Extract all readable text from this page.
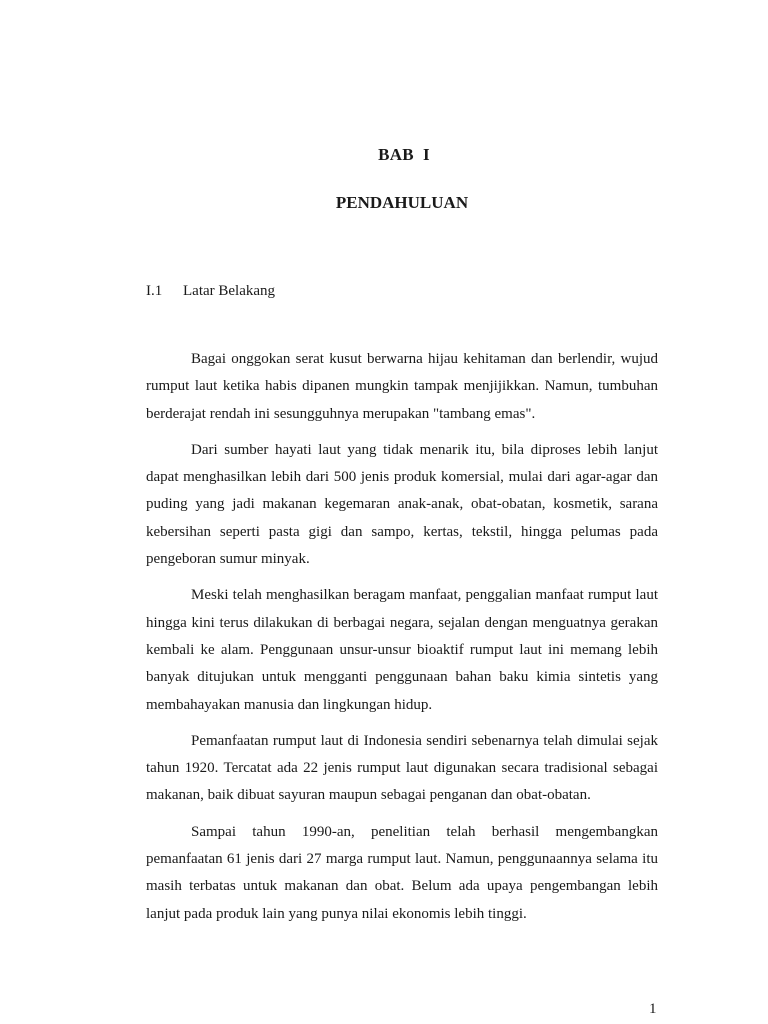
BAB  I
PENDAHULUAN
I.1 Latar Belakang

Bagai onggokan serat kusut berwarna hijau kehitaman dan berlendir, wujud rumput laut ketika habis dipanen mungkin tampak menjijikkan. Namun, tumbuhan berderajat rendah ini sesungguhnya merupakan "tambang emas".

Dari sumber hayati laut yang tidak menarik itu, bila diproses lebih lanjut dapat menghasilkan lebih dari 500 jenis produk komersial, mulai dari agar-agar dan puding yang jadi makanan kegemaran anak-anak, obat-obatan, kosmetik, sarana kebersihan seperti pasta gigi dan sampo, kertas, tekstil, hingga pelumas pada pengeboran sumur minyak.

Meski telah menghasilkan beragam manfaat, penggalian manfaat rumput laut hingga kini terus dilakukan di berbagai negara, sejalan dengan menguatnya gerakan kembali ke alam. Penggunaan unsur-unsur bioaktif rumput laut ini memang lebih banyak ditujukan untuk mengganti penggunaan bahan baku kimia sintetis yang membahayakan manusia dan lingkungan hidup.

Pemanfaatan rumput laut di Indonesia sendiri sebenarnya telah dimulai sejak tahun 1920. Tercatat ada 22 jenis rumput laut digunakan secara tradisional sebagai makanan, baik dibuat sayuran maupun sebagai penganan dan obat-obatan.

Sampai tahun 1990-an, penelitian telah berhasil mengembangkan pemanfaatan 61 jenis dari 27 marga rumput laut. Namun, penggunaannya selama itu masih terbatas untuk makanan dan obat. Belum ada upaya pengembangan lebih lanjut pada produk lain yang punya nilai ekonomis lebih tinggi.

1
